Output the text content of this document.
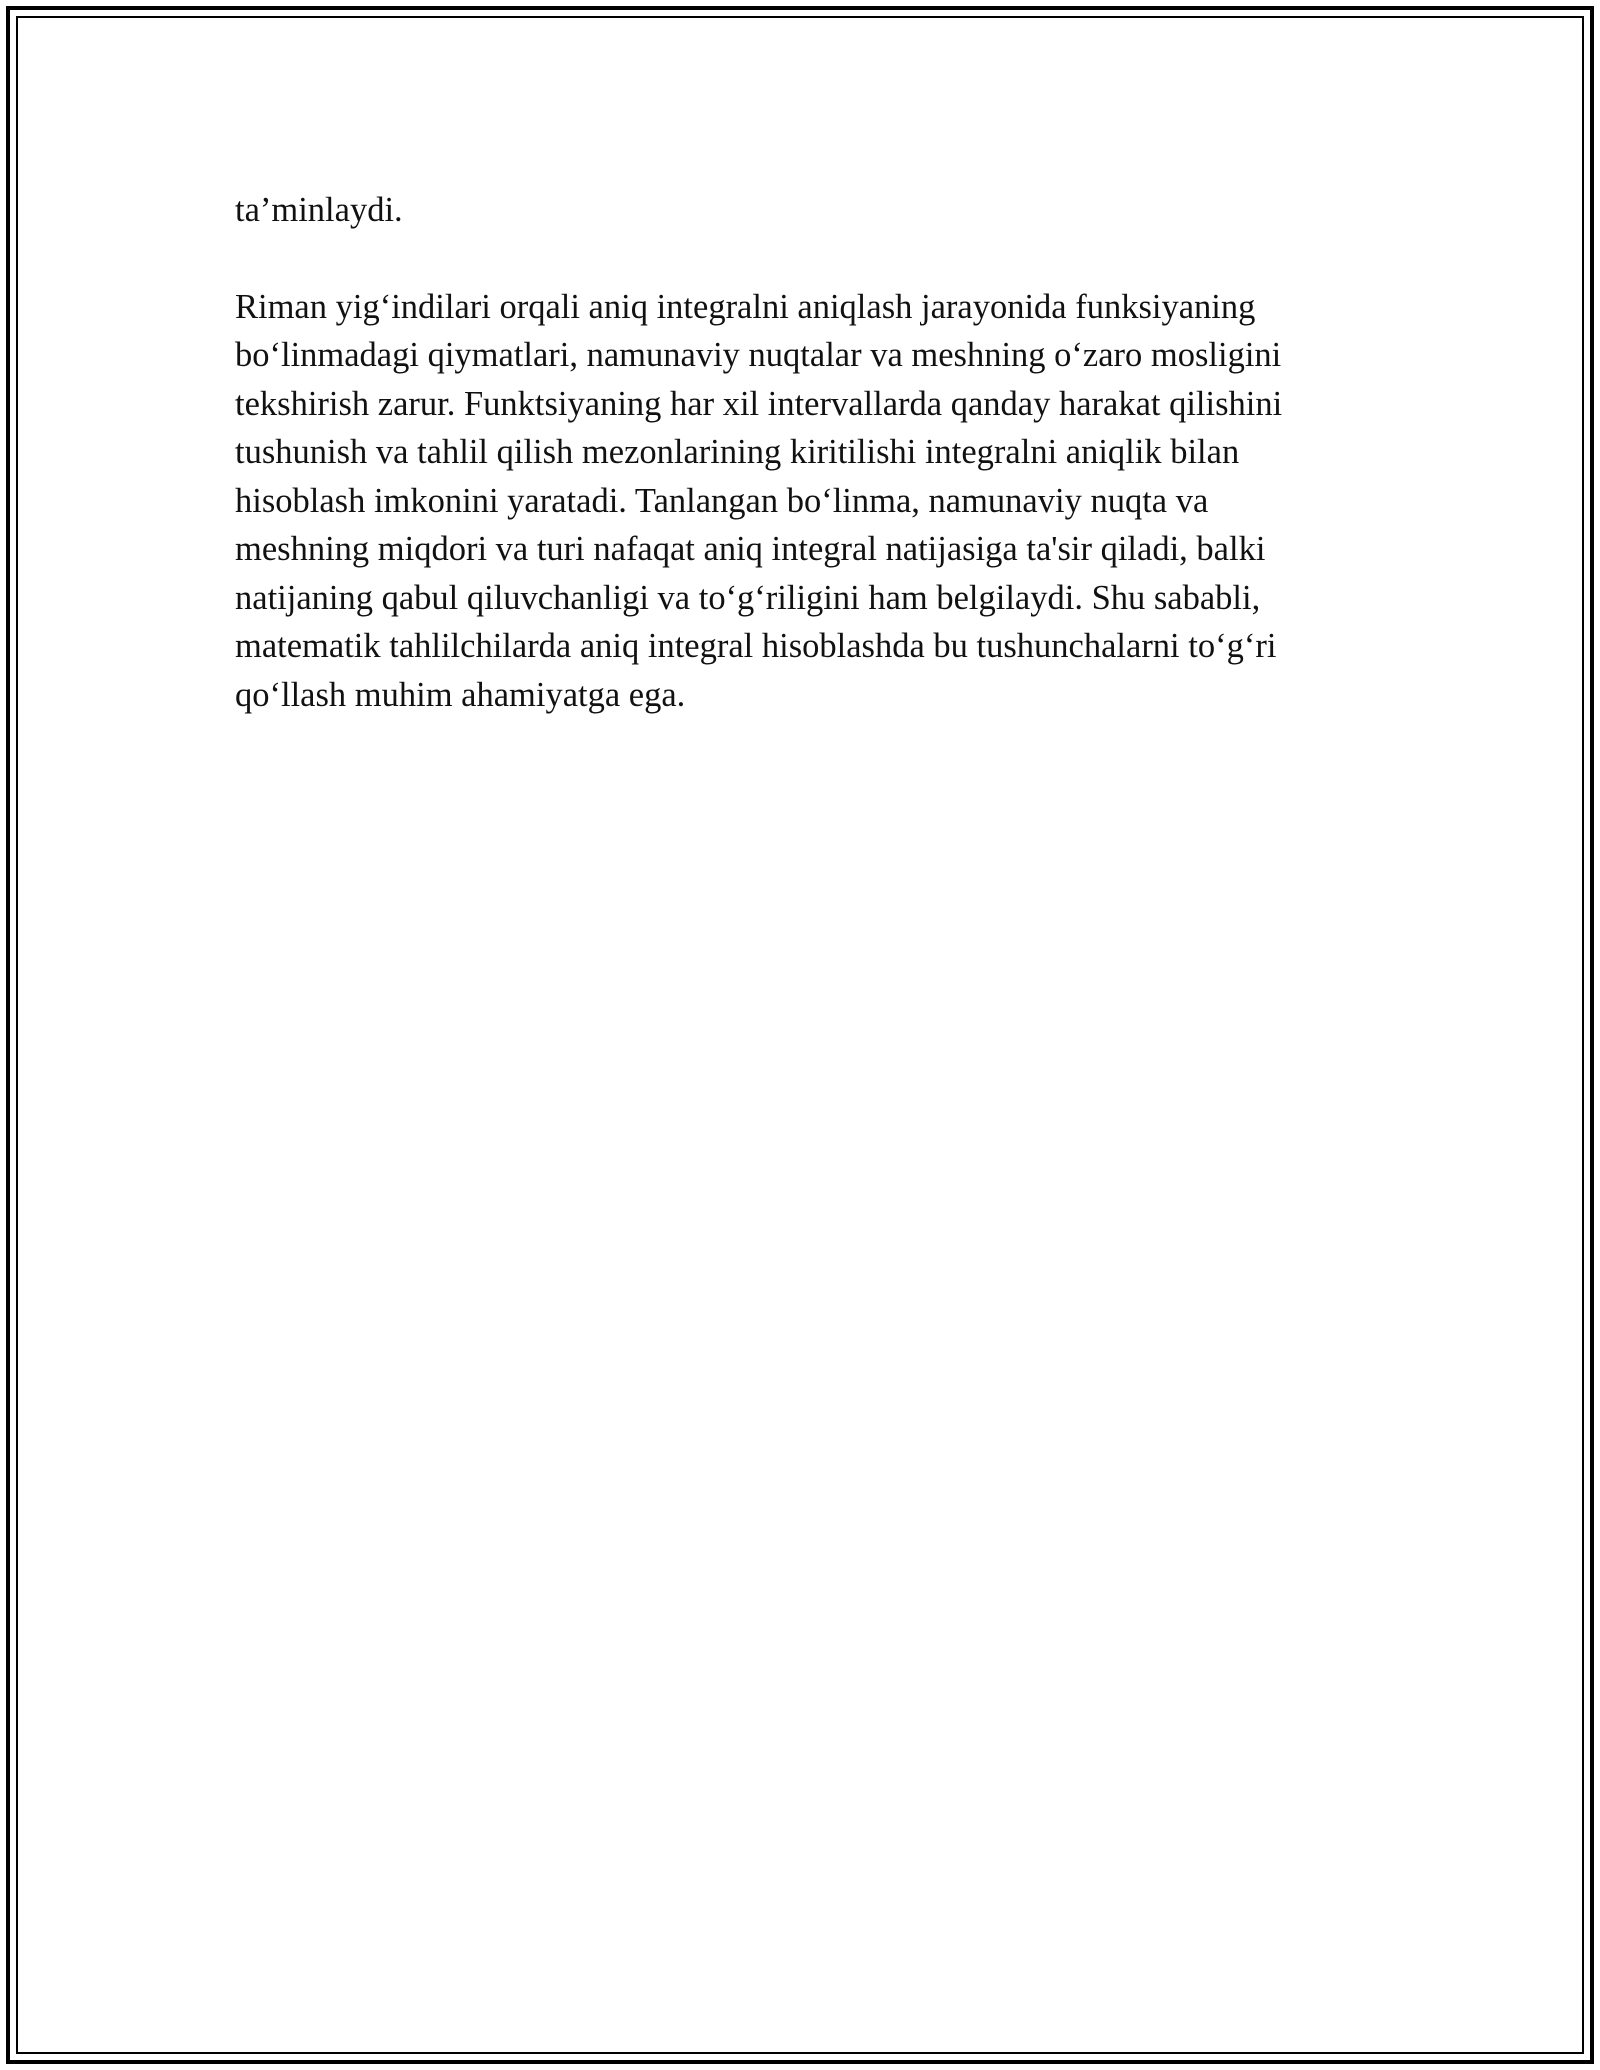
ta’minlaydi.

Riman yig‘indilari orqali aniq integralni aniqlash jarayonida funksiyaning
bo‘linmadagi qiymatlari, namunaviy nuqtalar va meshning o‘zaro mosligini
tekshirish zarur. Funktsiyaning har xil intervallarda qanday harakat qilishini
tushunish va tahlil qilish mezonlarining kiritilishi integralni aniqlik bilan
hisoblash imkonini yaratadi. Tanlangan bo‘linma, namunaviy nuqta va
meshning miqdori va turi nafaqat aniq integral natijasiga ta'sir qiladi, balki
natijaning qabul qiluvchanligi va to‘g‘riligini ham belgilaydi. Shu sababli,
matematik tahlilchilarda aniq integral hisoblashda bu tushunchalarni to‘g‘ri
qo‘llash muhim ahamiyatga ega.
